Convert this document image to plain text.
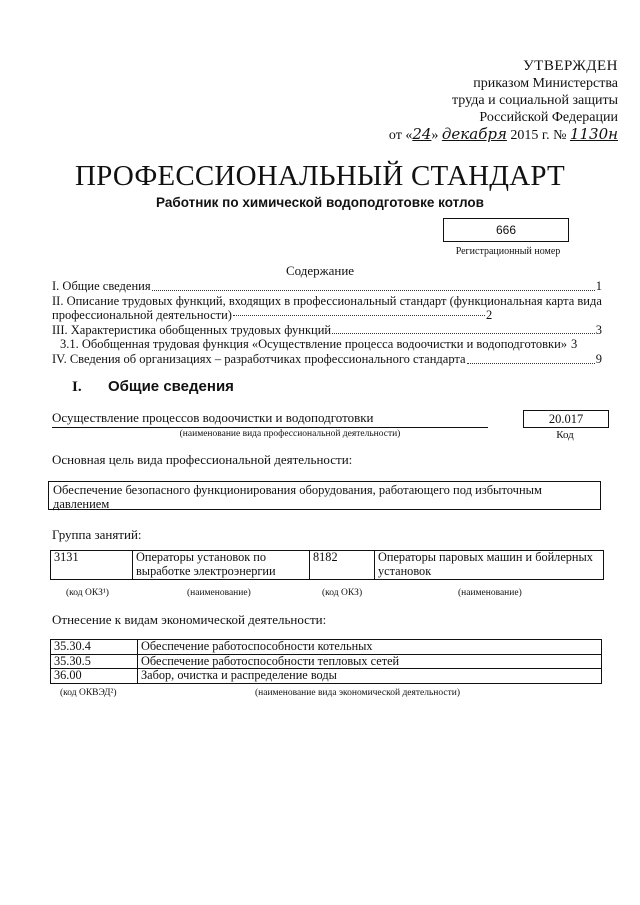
УТВЕРЖДЕН
приказом Министерства
труда и социальной защиты
Российской Федерации
от «24» декабря 2015 г. № 1130н
ПРОФЕССИОНАЛЬНЫЙ СТАНДАРТ
Работник по химической водоподготовке котлов
666
Регистрационный номер
Содержание
I. Общие сведения	1
II. Описание трудовых функций, входящих в профессиональный стандарт (функциональная карта вида профессиональной деятельности)	2
III. Характеристика обобщенных трудовых функций	3
3.1. Обобщенная трудовая функция «Осуществление процесса водоочистки и водоподготовки» 3
IV. Сведения об организациях – разработчиках профессионального стандарта	9
I. Общие сведения
Осуществление процессов водоочистки и водоподготовки	20.017
(наименование вида профессиональной деятельности)	Код
Основная цель вида профессиональной деятельности:
Обеспечение безопасного функционирования оборудования, работающего под избыточным давлением
Группа занятий:
3131	Операторы установок по выработке электроэнергии	8182	Операторы паровых машин и бойлерных установок
(код ОКЗ¹)	(наименование)	(код ОКЗ)	(наименование)
Отнесение к видам экономической деятельности:
35.30.4	Обеспечение работоспособности котельных
35.30.5	Обеспечение работоспособности тепловых сетей
36.00	Забор, очистка и распределение воды
(код ОКВЭД²)	(наименование вида экономической деятельности)
